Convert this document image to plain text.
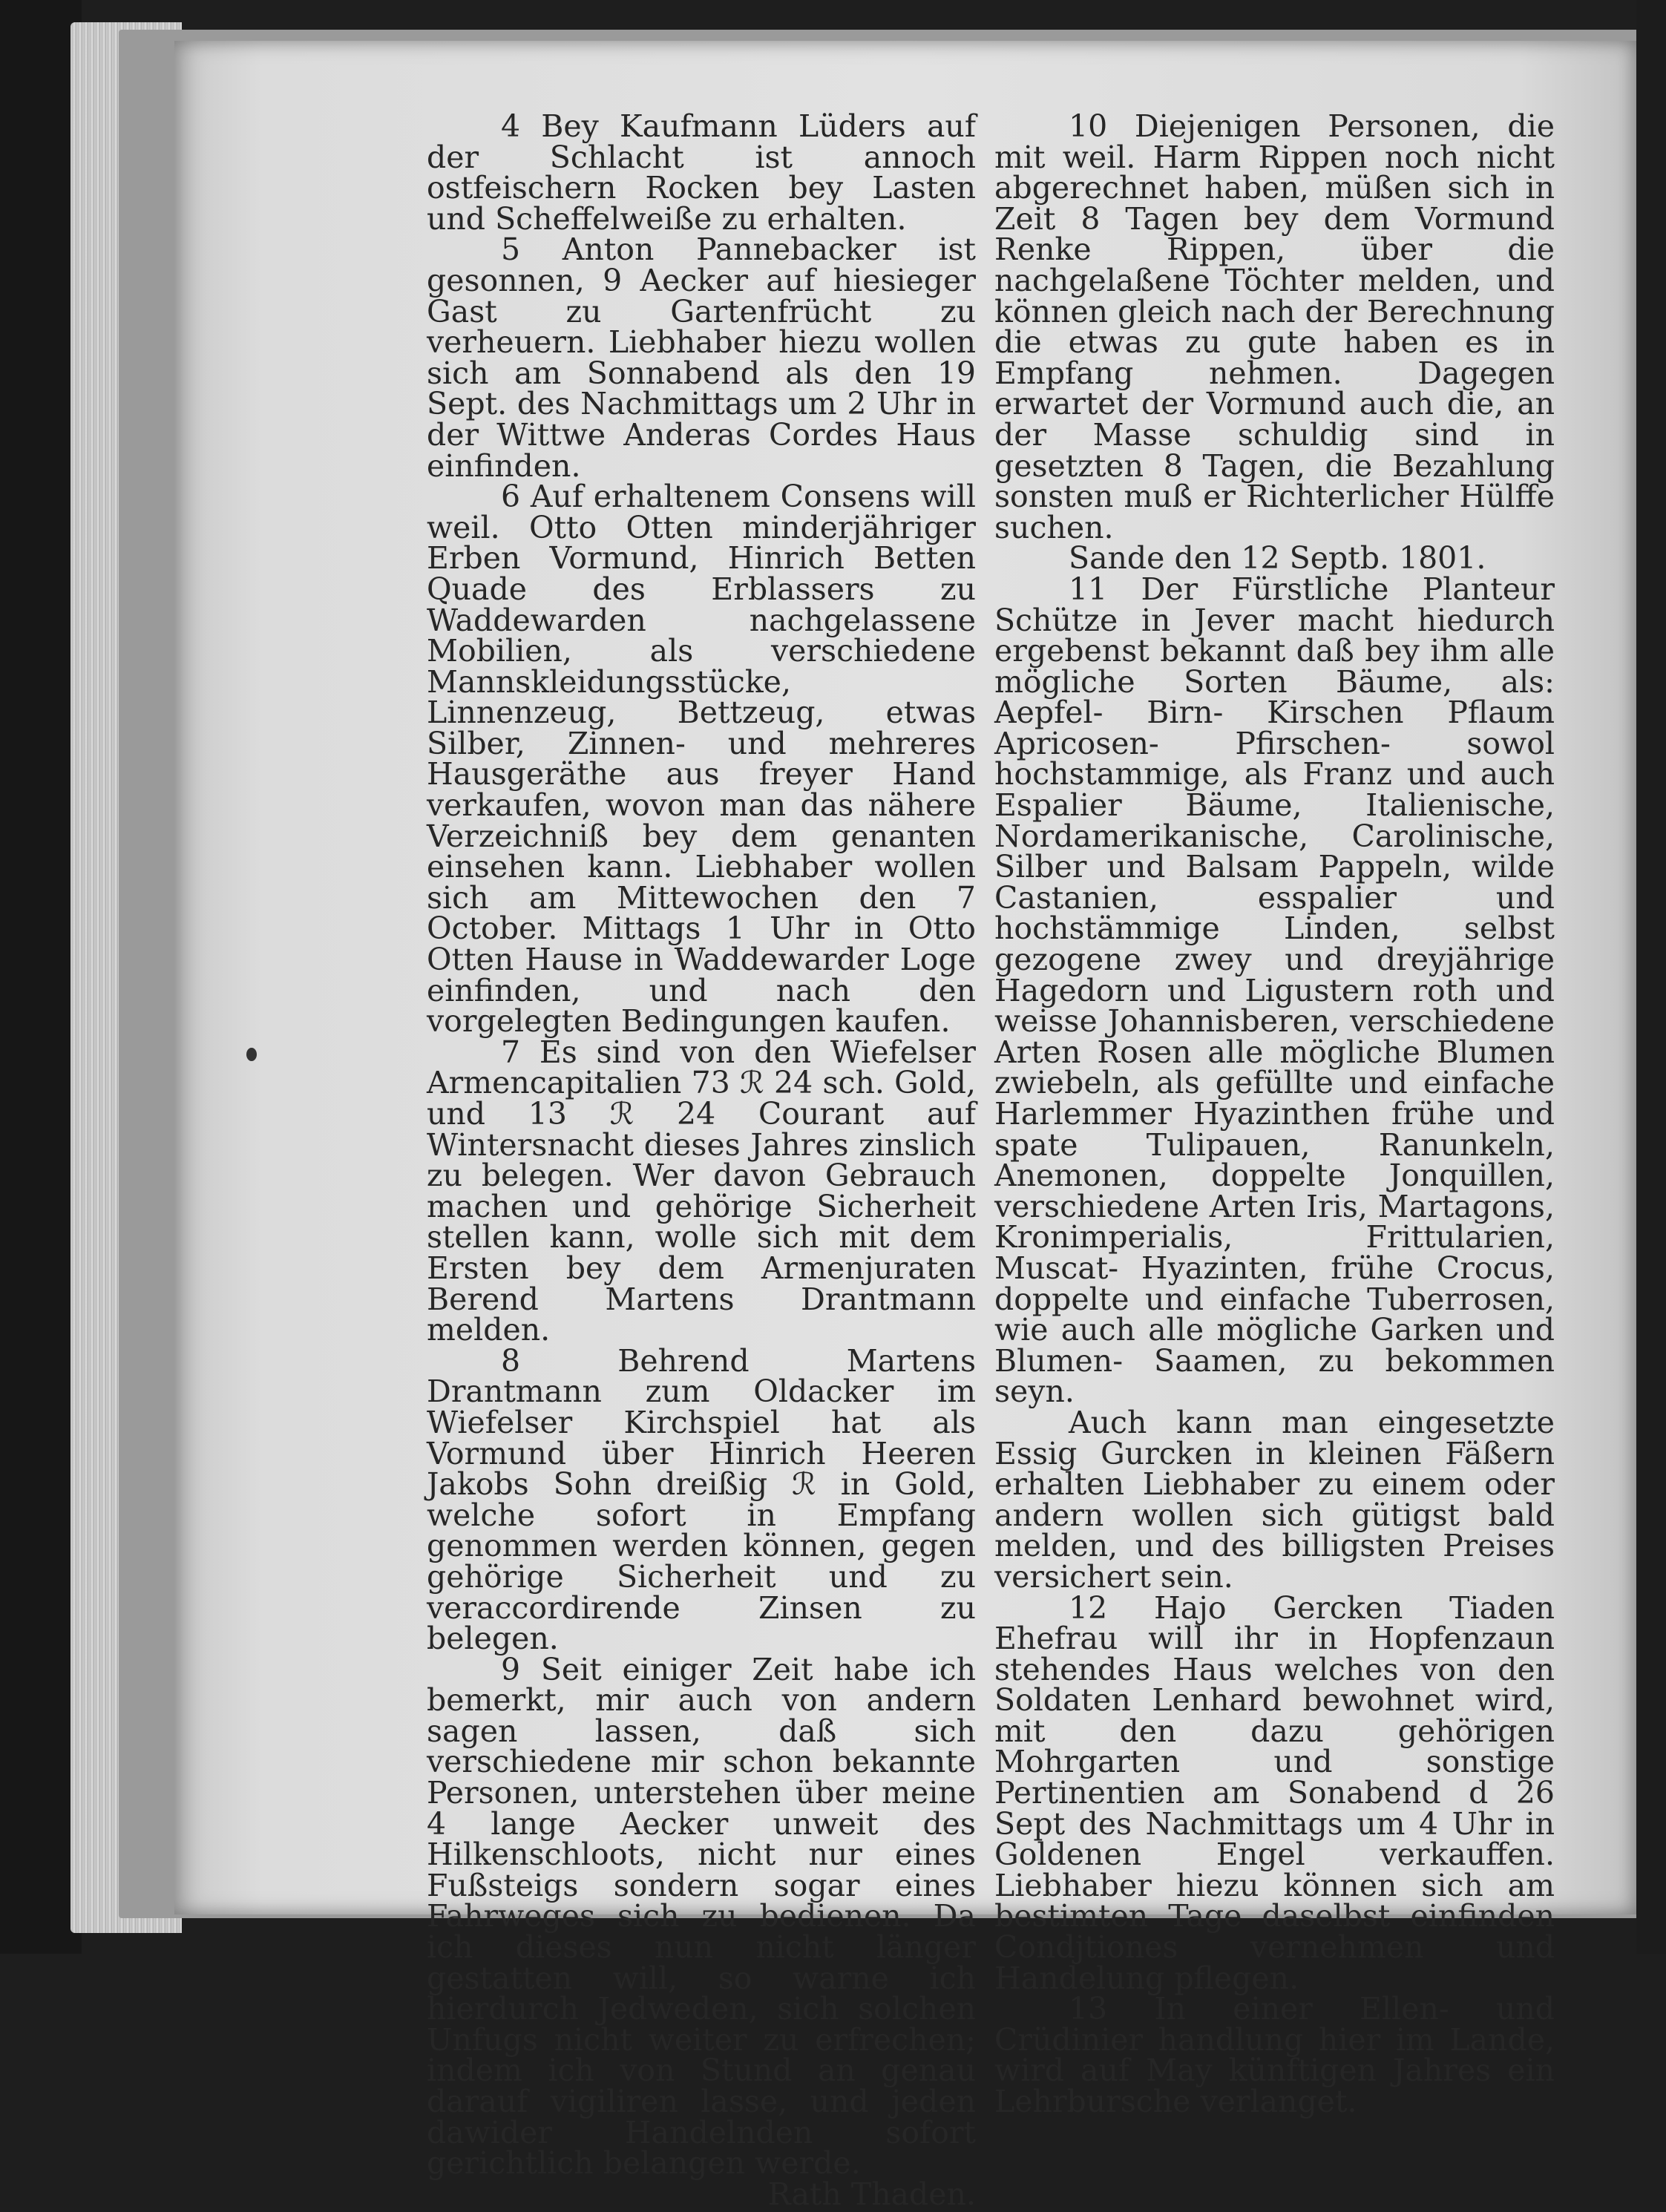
4 Bey Kaufmann Lüders auf der Schlacht ist annoch ostfeischern Rocken bey Lasten und Scheffelweiße zu erhalten.

5 Anton Pannebacker ist gesonnen, 9 Aecker auf hiesieger Gast zu Gartenfrücht zu verheuern. Liebhaber hiezu wollen sich am Sonnabend als den 19 Sept. des Nachmittags um 2 Uhr in der Wittwe Anderas Cordes Haus einfinden.

6 Auf erhaltenem Consens will weil. Otto Otten minderjähriger Erben Vormund, Hinrich Betten Quade des Erblassers zu Waddewarden nachgelassene Mobilien, als verschiedene Mannskleidungsstücke, Linnenzeug, Bettzeug, etwas Silber, Zinnen- und mehreres Hausgeräthe aus freyer Hand verkaufen, wovon man das nähere Verzeichniß bey dem genanten einsehen kann. Liebhaber wollen sich am Mittewochen den 7 October. Mittags 1 Uhr in Otto Otten Hause in Waddewarder Loge einfinden, und nach den vorgelegten Bedingungen kaufen.

7 Es sind von den Wiefelser Armencapitalien 73 ℛ 24 sch. Gold, und 13 ℛ 24 Courant auf Wintersnacht dieses Jahres zinslich zu belegen. Wer davon Gebrauch machen und gehörige Sicherheit stellen kann, wolle sich mit dem Ersten bey dem Armenjuraten Berend Martens Drantmann melden.

8 Behrend Martens Drantmann zum Oldacker im Wiefelser Kirchspiel hat als Vormund über Hinrich Heeren Jakobs Sohn dreißig ℛ in Gold, welche sofort in Empfang genommen werden können, gegen gehörige Sicherheit und zu veraccordirende Zinsen zu belegen.

9 Seit einiger Zeit habe ich bemerkt, mir auch von andern sagen lassen, daß sich verschiedene mir schon bekannte Personen, unterstehen über meine 4 lange Aecker unweit des Hilkenschloots, nicht nur eines Fußsteigs sondern sogar eines Fahrweges sich zu bedienen. Da ich dieses nun nicht länger gestatten will, so warne ich hierdurch Jedweden, sich solchen Unfugs nicht weiter zu erfrechen; indem ich von Stund an genau darauf vigiliren lasse, und jeden dawider Handelnden sofort gerichtlich belangen werde.

Rath Thaden.

10 Diejenigen Personen, die mit weil. Harm Rippen noch nicht abgerechnet haben, müßen sich in Zeit 8 Tagen bey dem Vormund Renke Rippen, über die nachgelaßene Töchter melden, und können gleich nach der Berechnung die etwas zu gute haben es in Empfang nehmen. Dagegen erwartet der Vormund auch die, an der Masse schuldig sind in gesetzten 8 Tagen, die Bezahlung sonsten muß er Richterlicher Hülffe suchen.

Sande den 12 Septb. 1801.

11 Der Fürstliche Planteur Schütze in Jever macht hiedurch ergebenst bekannt daß bey ihm alle mögliche Sorten Bäume, als: Aepfel- Birn- Kirschen Pflaum Apricosen- Pfirschen- sowol hochstammige, als Franz und auch Espalier Bäume, Italienische, Nordamerikanische, Carolinische, Silber und Balsam Pappeln, wilde Castanien, esspalier und hochstämmige Linden, selbst gezogene zwey und dreyjährige Hagedorn und Ligustern roth und weisse Johannisberen, verschiedene Arten Rosen alle mögliche Blumen zwiebeln, als gefüllte und einfache Harlemmer Hyazinthen frühe und spate Tulipauen, Ranunkeln, Anemonen, doppelte Jonquillen, verschiedene Arten Iris, Martagons, Kronimperialis, Frittularien, Muscat- Hyazinten, frühe Crocus, doppelte und einfache Tuberrosen, wie auch alle mögliche Garken und Blumen- Saamen, zu bekommen seyn.

Auch kann man eingesetzte Essig Gurcken in kleinen Fäßern erhalten Liebhaber zu einem oder andern wollen sich gütigst bald melden, und des billigsten Preises versichert sein.

12 Hajo Gercken Tiaden Ehefrau will ihr in Hopfenzaun stehendes Haus welches von den Soldaten Lenhard bewohnet wird, mit den dazu gehörigen Mohrgarten und sonstige Pertinentien am Sonabend d 26 Sept des Nachmittags um 4 Uhr in Goldenen Engel verkauffen. Liebhaber hiezu können sich am bestimten Tage daselbst einfinden Condjtiones vernehmen und Handelung pflegen.

13 In einer Ellen- und Crüdinier handlung hier im Lande, wird auf May künftigen Jahres ein Lehrbursche verlanget.
